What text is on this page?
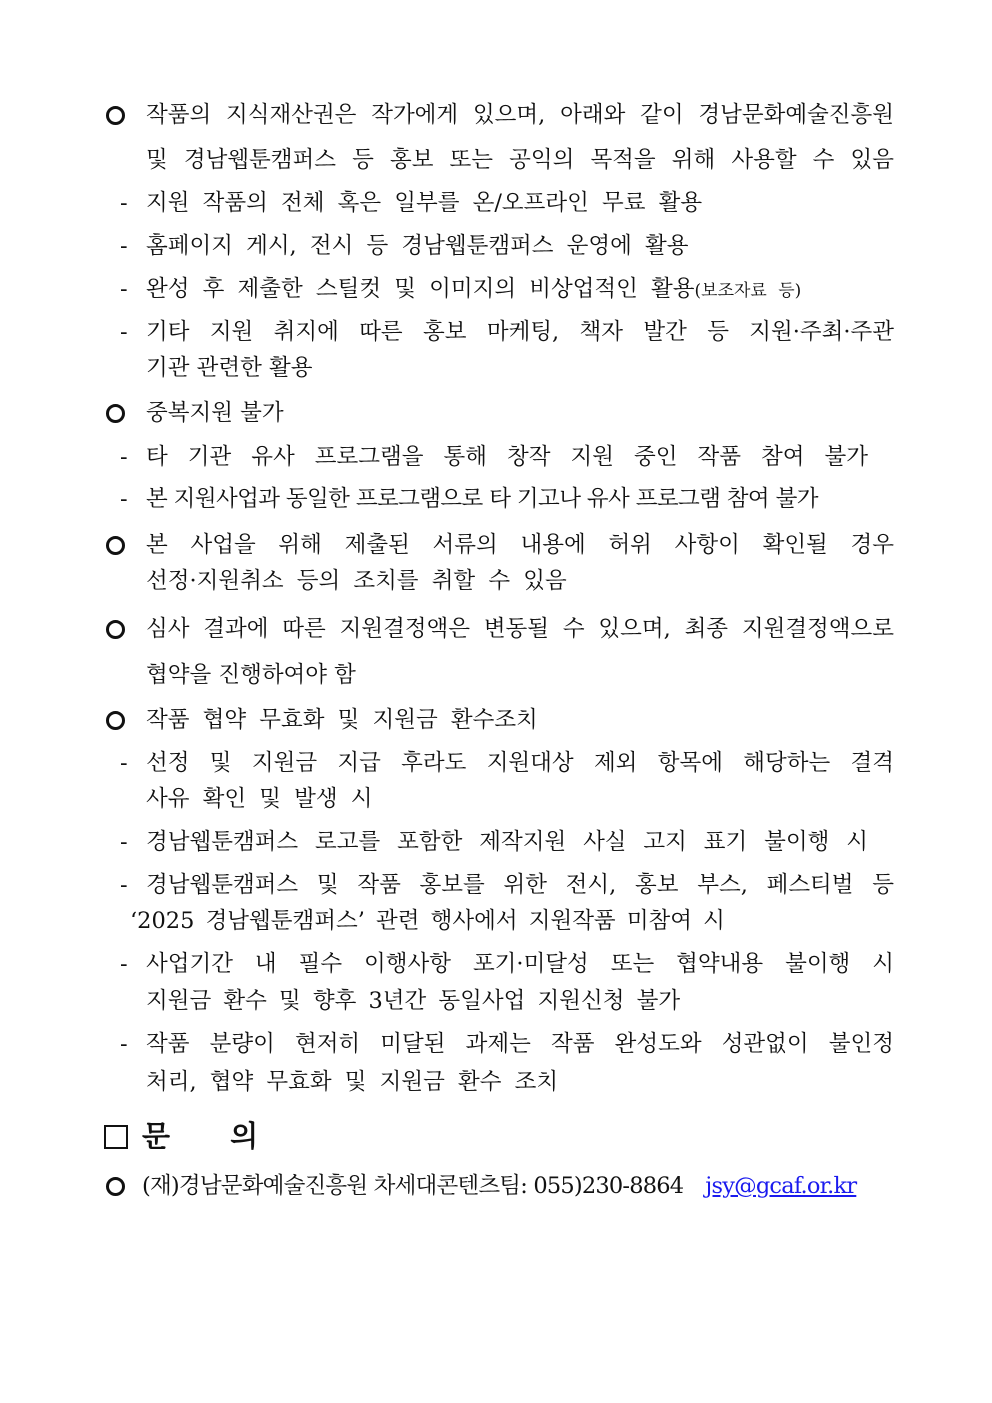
작품의 지식재산권은 작가에게 있으며, 아래와 같이 경남문화예술진흥원
및 경남웹툰캠퍼스 등 홍보 또는 공익의 목적을 위해 사용할 수 있음
- 지원 작품의 전체 혹은 일부를 온/오프라인 무료 활용
- 홈페이지 게시, 전시 등 경남웹툰캠퍼스 운영에 활용
- 완성 후 제출한 스틸컷 및 이미지의 비상업적인 활용(보조자료 등)
- 기타 지원 취지에 따른 홍보 마케팅, 책자 발간 등 지원·주최·주관
기관 관련한 활용
중복지원 불가
- 타 기관 유사 프로그램을 통해 창작 지원 중인 작품 참여 불가
- 본 지원사업과 동일한 프로그램으로 타 기고나 유사 프로그램 참여 불가
본 사업을 위해 제출된 서류의 내용에 허위 사항이 확인될 경우
선정·지원취소 등의 조치를 취할 수 있음
심사 결과에 따른 지원결정액은 변동될 수 있으며, 최종 지원결정액으로
협약을 진행하여야 함
작품 협약 무효화 및 지원금 환수조치
- 선정 및 지원금 지급 후라도 지원대상 제외 항목에 해당하는 결격
사유 확인 및 발생 시
- 경남웹툰캠퍼스 로고를 포함한 제작지원 사실 고지 표기 불이행 시
- 경남웹툰캠퍼스 및 작품 홍보를 위한 전시, 홍보 부스, 페스티벌 등
‘2025 경남웹툰캠퍼스’ 관련 행사에서 지원작품 미참여 시
- 사업기간 내 필수 이행사항 포기·미달성 또는 협약내용 불이행 시
지원금 환수 및 향후 3년간 동일사업 지원신청 불가
- 작품 분량이 현저히 미달된 과제는 작품 완성도와 성관없이 불인정
처리, 협약 무효화 및 지원금 환수 조치
문 의
(재)경남문화예술진흥원 차세대콘텐츠팀: 055)230-8864 jsy@gcaf.or.kr
